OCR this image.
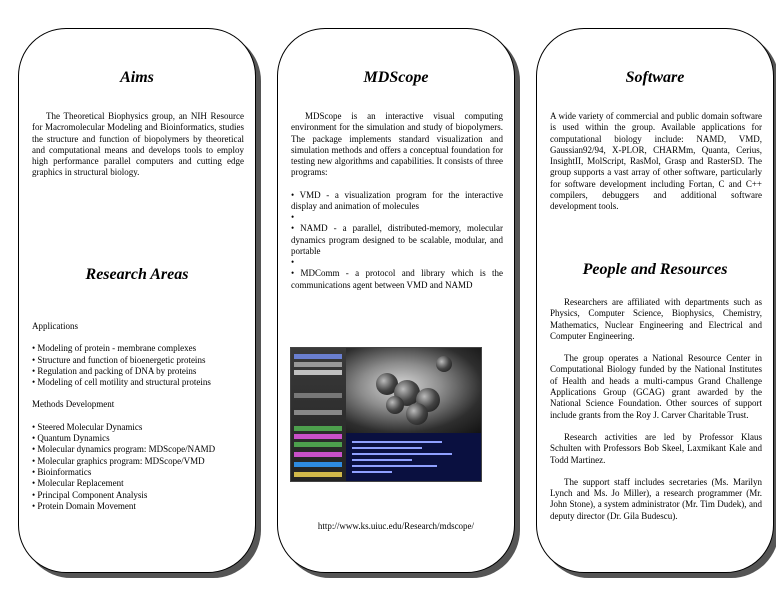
Aims

The Theoretical Biophysics group, an NIH Resource for Macromolecular Modeling and Bioinformatics, studies the structure and function of biopolymers by theoretical and computational means and develops tools to employ high performance parallel computers and cutting edge graphics in structural biology.

Research Areas
Applications
• Modeling of protein - membrane complexes
• Structure and function of bioenergetic proteins
• Regulation and packing of DNA by proteins
• Modeling of cell motility and structural proteins
Methods Development
• Steered Molecular Dynamics
• Quantum Dynamics
• Molecular dynamics program: MDScope/NAMD
• Molecular graphics program: MDScope/VMD
• Bioinformatics
• Molecular Replacement
• Principal Component Analysis
• Protein Domain Movement
MDScope

MDScope is an interactive visual computing environment for the simulation and study of biopolymers. The package implements standard visualization and simulation methods and offers a conceptual foundation for testing new algorithms and capabilities. It consists of three programs:

• VMD - a visualization program for the interactive display and animation of molecules
•
• NAMD - a parallel, distributed-memory, molecular dynamics program designed to be scalable, modular, and portable
•
• MDComm - a protocol and library which is the communications agent between VMD and NAMD
http://www.ks.uiuc.edu/Research/mdscope/
Software

A wide variety of commercial and public domain software is used within the group. Available applications for computational biology include: NAMD, VMD, Gaussian92/94, X-PLOR, CHARMm, Quanta, Cerius, InsightII, MolScript, RasMol, Grasp and RasterSD. The group supports a vast array of other software, particularly for software development including Fortan, C and C++ compilers, debuggers and additional software development tools.

People and Resources

Researchers are affiliated with departments such as Physics, Computer Science, Biophysics, Chemistry, Mathematics, Nuclear Engineering and Electrical and Computer Engineering.

The group operates a National Resource Center in Computational Biology funded by the National Institutes of Health and heads a multi-campus Grand Challenge Applications Group (GCAG) grant awarded by the National Science Foundation. Other sources of support include grants from the Roy J. Carver Charitable Trust.

Research activities are led by Professor Klaus Schulten with Professors Bob Skeel, Laxmikant Kale and Todd Martinez.

The support staff includes secretaries (Ms. Marilyn Lynch and Ms. Jo Miller), a research programmer (Mr. John Stone), a system administrator (Mr. Tim Dudek), and deputy director (Dr. Gila Budescu).
